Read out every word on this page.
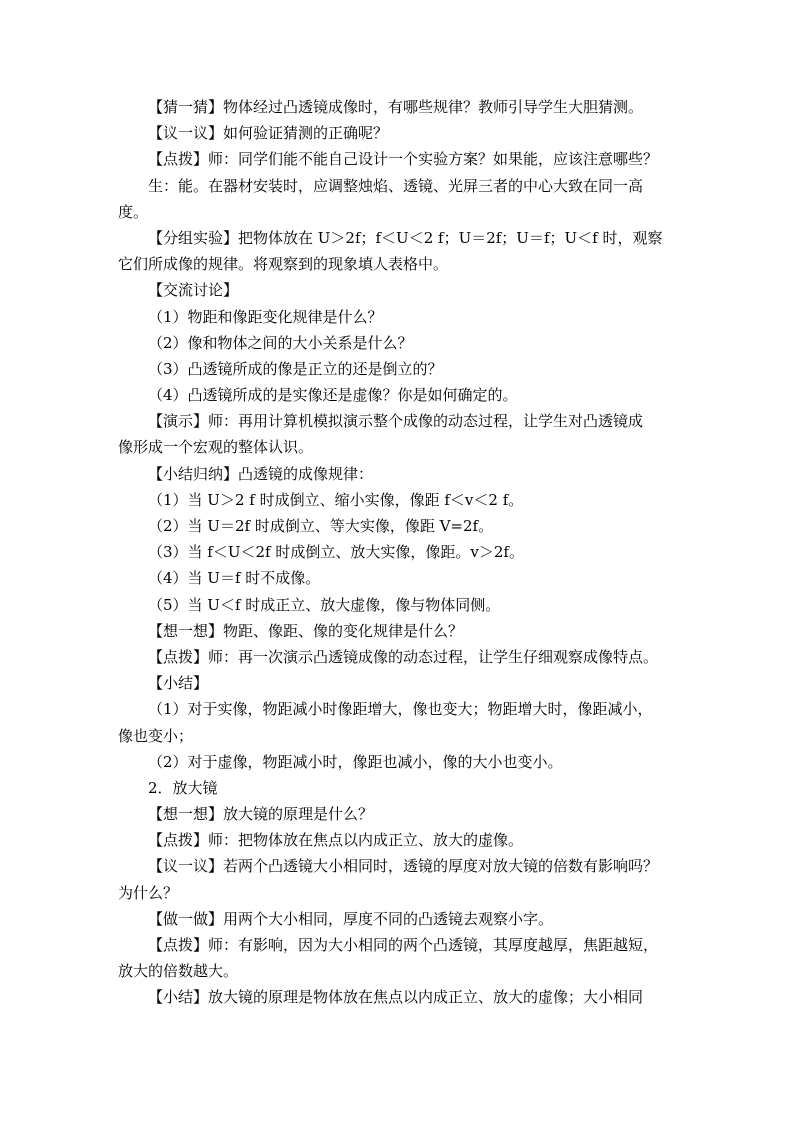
【猜一猜】物体经过凸透镜成像时，有哪些规律？教师引导学生大胆猜测。
【议一议】如何验证猜测的正确呢？
【点拨】师：同学们能不能自己设计一个实验方案？如果能，应该注意哪些？
生：能。在器材安装时，应调整烛焰、透镜、光屏三者的中心大致在同一高
度。
【分组实验】把物体放在 U＞2f；f＜U＜2 f；U＝2f；U＝f；U＜f 时，观察
它们所成像的规律。将观察到的现象填人表格中。
【交流讨论】
（1）物距和像距变化规律是什么？
（2）像和物体之间的大小关系是什么？
（3）凸透镜所成的像是正立的还是倒立的？
（4）凸透镜所成的是实像还是虚像？你是如何确定的。
【演示】师：再用计算机模拟演示整个成像的动态过程，让学生对凸透镜成
像形成一个宏观的整体认识。
【小结归纳】凸透镜的成像规律：
（1）当 U＞2 f 时成倒立、缩小实像，像距 f＜v＜2 f。
（2）当 U＝2f 时成倒立、等大实像，像距 V=2f。
（3）当 f＜U＜2f 时成倒立、放大实像，像距。v＞2f。
（4）当 U＝f 时不成像。
（5）当 U＜f 时成正立、放大虚像，像与物体同侧。
【想一想】物距、像距、像的变化规律是什么？
【点拨】师：再一次演示凸透镜成像的动态过程，让学生仔细观察成像特点。
【小结】
（1）对于实像，物距减小时像距增大，像也变大；物距增大时，像距减小，
像也变小；
（2）对于虚像，物距减小时，像距也减小，像的大小也变小。
2．放大镜
【想一想】放大镜的原理是什么？
【点拨】师：把物体放在焦点以内成正立、放大的虚像。
【议一议】若两个凸透镜大小相同时，透镜的厚度对放大镜的倍数有影响吗？
为什么？
【做一做】用两个大小相同，厚度不同的凸透镜去观察小字。
【点拨】师：有影响，因为大小相同的两个凸透镜，其厚度越厚，焦距越短，
放大的倍数越大。
【小结】放大镜的原理是物体放在焦点以内成正立、放大的虚像；大小相同
